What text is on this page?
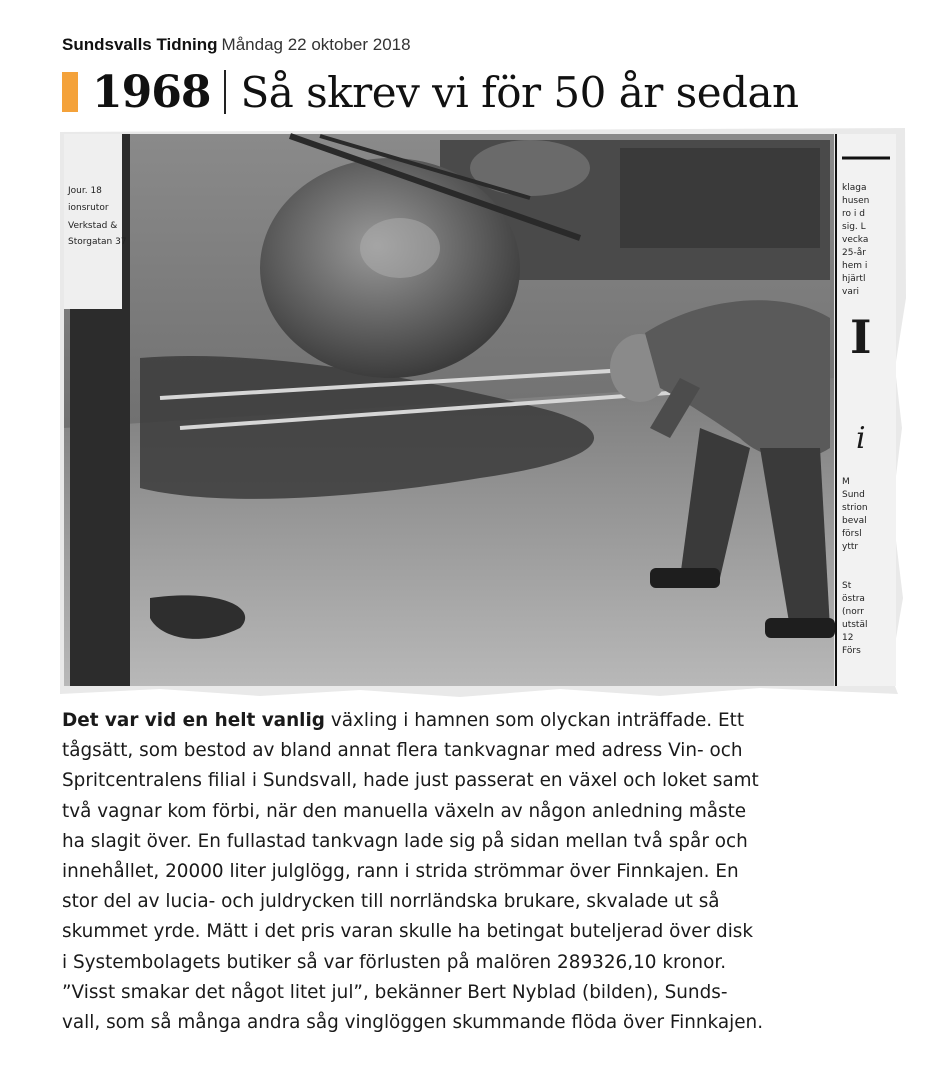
Sundsvalls Tidning Måndag 22 oktober 2018
1968 Så skrev vi för 50 år sedan
Jour. 18
ionsrutor
Verkstad &
Storgatan 37
klaga
husen
ro i d
sig. L
vecka
25-år
hem i
hjärtl
vari
M
Sund
strion
beval
försl
yttr
St
östra
(norr
utstäl
12
Förs
I
i
Det var vid en helt vanlig växling i hamnen som olyckan inträffade. Ett
tågsätt, som bestod av bland annat flera tankvagnar med adress Vin- och
Spritcentralens filial i Sundsvall, hade just passerat en växel och loket samt
två vagnar kom förbi, när den manuella växeln av någon anledning måste
ha slagit över. En fullastad tankvagn lade sig på sidan mellan två spår och
innehållet, 20000 liter julglögg, rann i strida strömmar över Finnkajen. En
stor del av lucia- och juldrycken till norrländska brukare, skvalade ut så
skummet yrde. Mätt i det pris varan skulle ha betingat buteljerad över disk
i Systembolagets butiker så var förlusten på malören 289326,10 kronor.
”Visst smakar det något litet jul”, bekänner Bert Nyblad (bilden), Sunds-
vall, som så många andra såg vinglöggen skummande flöda över Finnkajen.
